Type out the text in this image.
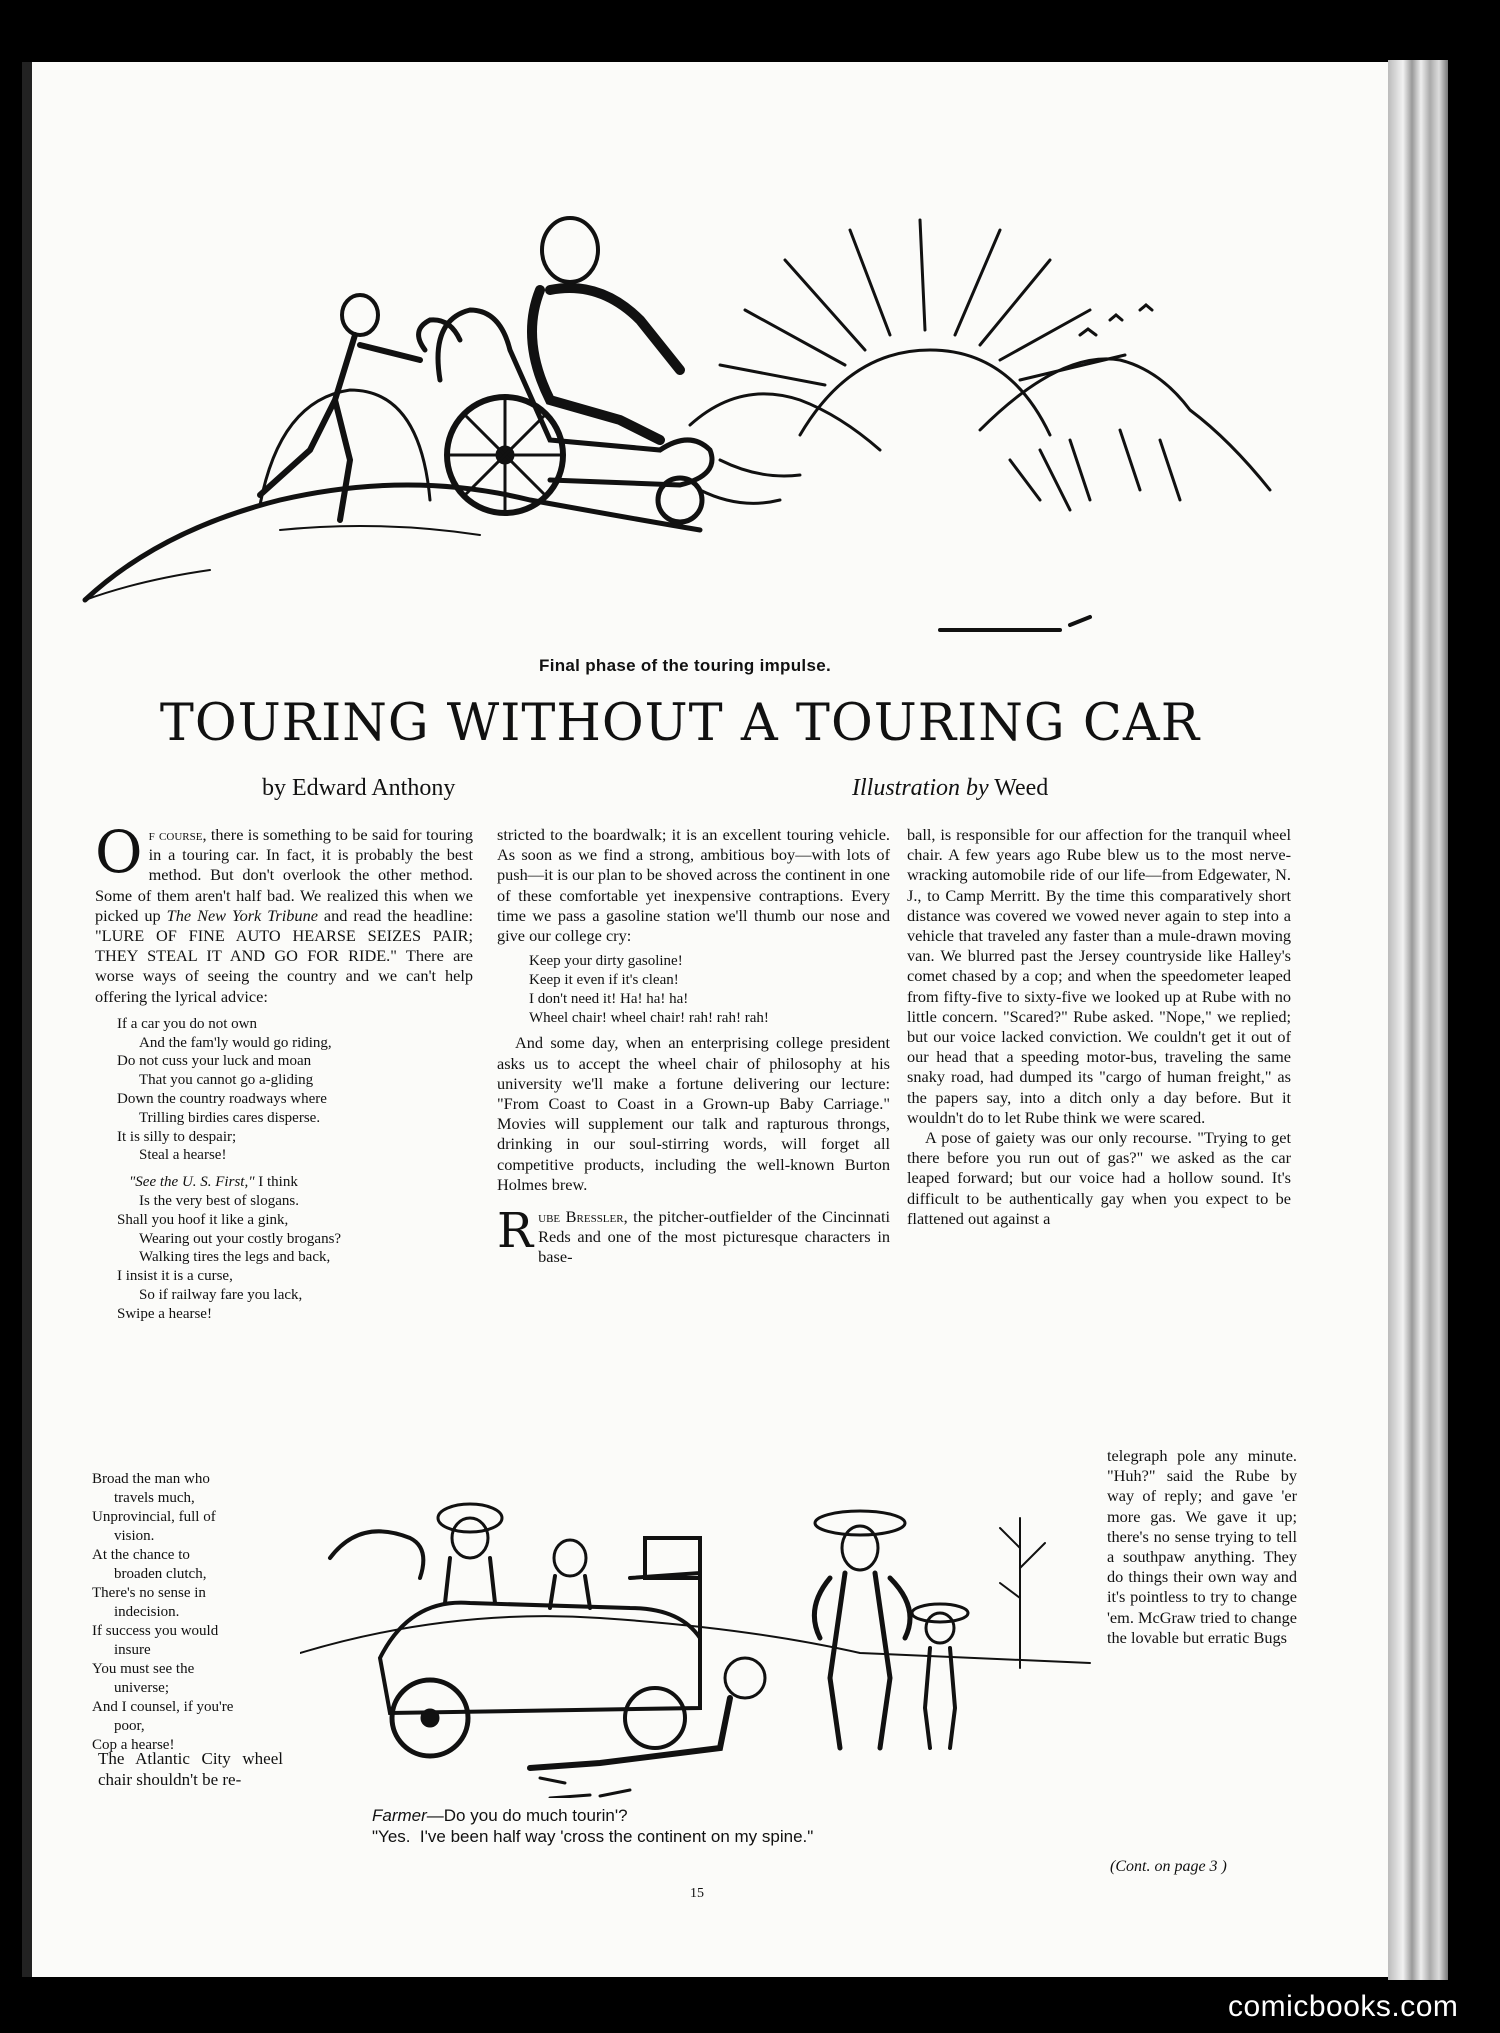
Final phase of the touring impulse.
TOURING WITHOUT A TOURING CAR
by Edward Anthony	Illustration by Weed

Of course, there is something to be said for touring in a touring car. In fact, it is probably the best method. But don't overlook the other method. Some of them aren't half bad. We realized this when we picked up The New York Tribune and read the headline: "LURE OF FINE AUTO HEARSE SEIZES PAIR; THEY STEAL IT AND GO FOR RIDE." There are worse ways of seeing the country and we can't help offering the lyrical advice:

If a car you do not own
And the fam'ly would go riding,
Do not cuss your luck and moan
That you cannot go a-gliding
Down the country roadways where
Trilling birdies cares disperse.
It is silly to despair;
Steal a hearse!
"See the U. S. First," I think
Is the very best of slogans.
Shall you hoof it like a gink,
Wearing out your costly brogans?
Walking tires the legs and back,
I insist it is a curse,
So if railway fare you lack,
Swipe a hearse!
Broad the man who
travels much,
Unprovincial, full of
vision.
At the chance to
broaden clutch,
There's no sense in
indecision.
If success you would
insure
You must see the
universe;
And I counsel, if you're
poor,
Cop a hearse!
The Atlantic City wheel chair shouldn't be re-

stricted to the boardwalk; it is an excellent touring vehicle. As soon as we find a strong, ambitious boy—with lots of push—it is our plan to be shoved across the continent in one of these comfortable yet inexpensive contraptions. Every time we pass a gasoline station we'll thumb our nose and give our college cry:

Keep your dirty gasoline!
Keep it even if it's clean!
I don't need it! Ha! ha! ha!
Wheel chair! wheel chair! rah! rah! rah!

And some day, when an enterprising college president asks us to accept the wheel chair of philosophy at his university we'll make a fortune delivering our lecture: "From Coast to Coast in a Grown-up Baby Carriage." Movies will supplement our talk and rapturous throngs, drinking in our soul-stirring words, will forget all competitive products, including the well-known Burton Holmes brew.

Rube Bressler, the pitcher-outfielder of the Cincinnati Reds and one of the most picturesque characters in base-

ball, is responsible for our affection for the tranquil wheel chair. A few years ago Rube blew us to the most nerve-wracking automobile ride of our life—from Edgewater, N. J., to Camp Merritt. By the time this comparatively short distance was covered we vowed never again to step into a vehicle that traveled any faster than a mule-drawn moving van. We blurred past the Jersey countryside like Halley's comet chased by a cop; and when the speedometer leaped from fifty-five to sixty-five we looked up at Rube with no little concern. "Scared?" Rube asked. "Nope," we replied; but our voice lacked conviction. We couldn't get it out of our head that a speeding motor-bus, traveling the same snaky road, had dumped its "cargo of human freight," as the papers say, into a ditch only a day before. But it wouldn't do to let Rube think we were scared.

A pose of gaiety was our only recourse. "Trying to get there before you run out of gas?" we asked as the car leaped forward; but our voice had a hollow sound. It's difficult to be authentically gay when you expect to be flattened out against a

telegraph pole any minute. "Huh?" said the Rube by way of reply; and gave 'er more gas. We gave it up; there's no sense trying to tell a southpaw anything. They do things their own way and it's pointless to try to change 'em. McGraw tried to change the lovable but erratic Bugs
(Cont. on page 3 )
Farmer—Do you do much tourin'?
"Yes.  I've been half way 'cross the continent on my spine."
15
comicbooks.com
